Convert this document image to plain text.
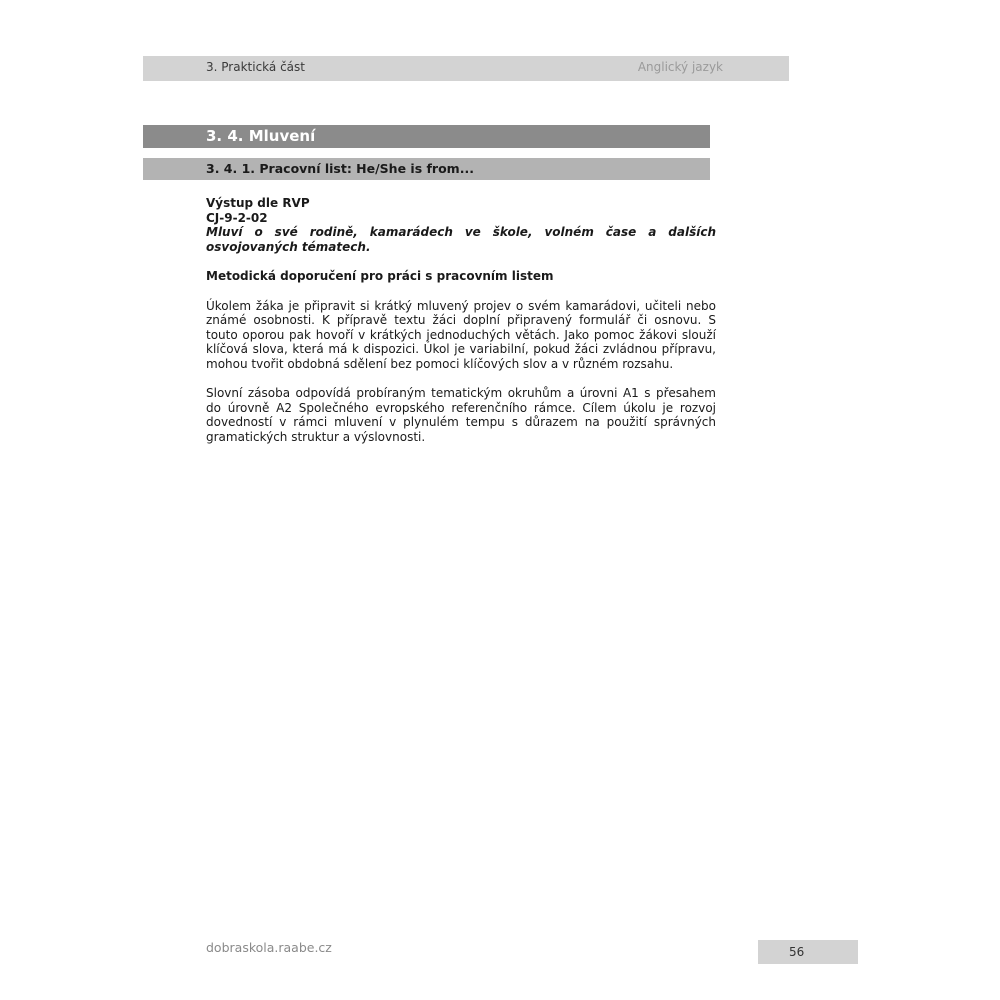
3. Praktická část	Anglický jazyk
3. 4. Mluvení
3. 4. 1. Pracovní list: He/She is from...
Výstup dle RVP
CJ-9-2-02
Mluví o své rodině, kamarádech ve škole, volném čase a dalších osvojovaných tématech.
Metodická doporučení pro práci s pracovním listem
Úkolem žáka je připravit si krátký mluvený projev o svém kamarádovi, učiteli nebo známé osobnosti. K přípravě textu žáci doplní připravený formulář či osnovu. S touto oporou pak hovoří v krátkých jednoduchých větách. Jako pomoc žákovi slouží klíčová slova, která má k dispozici. Úkol je variabilní, pokud žáci zvládnou přípravu, mohou tvořit obdobná sdělení bez pomoci klíčových slov a v různém rozsahu.
Slovní zásoba odpovídá probíraným tematickým okruhům a úrovni A1 s přesahem do úrovně A2 Společného evropského referenčního rámce. Cílem úkolu je rozvoj dovedností v rámci mluvení v plynulém tempu s důrazem na použití správných gramatických struktur a výslovnosti.
dobraskola.raabe.cz	56
